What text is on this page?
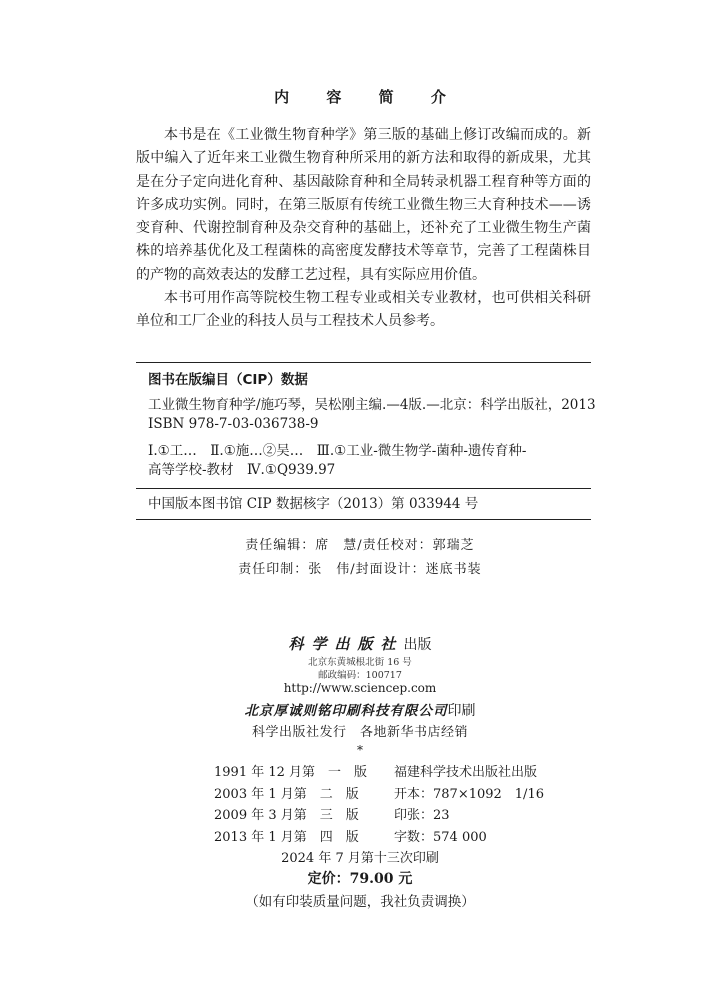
内 容 简 介

本书是在《工业微生物育种学》第三版的基础上修订改编而成的。新版中编入了近年来工业微生物育种所采用的新方法和取得的新成果，尤其是在分子定向进化育种、基因敲除育种和全局转录机器工程育种等方面的许多成功实例。同时，在第三版原有传统工业微生物三大育种技术——诱变育种、代谢控制育种及杂交育种的基础上，还补充了工业微生物生产菌株的培养基优化及工程菌株的高密度发酵技术等章节，完善了工程菌株目的产物的高效表达的发酵工艺过程，具有实际应用价值。

本书可用作高等院校生物工程专业或相关专业教材，也可供相关科研单位和工厂企业的科技人员与工程技术人员参考。

图书在版编目（CIP）数据
工业微生物育种学/施巧琴，吴松刚主编.—4版.—北京：科学出版社，2013
ISBN 978-7-03-036738-9
Ⅰ.①工…　Ⅱ.①施…②吴…　Ⅲ.①工业-微生物学-菌种-遗传育种-
高等学校-教材　Ⅳ.①Q939.97
中国版本图书馆 CIP 数据核字（2013）第 033944 号
责任编辑：席　慧/责任校对：郭瑞芝
责任印制：张　伟/封面设计：迷底书装
科学出版社出版
北京东黄城根北街 16 号
邮政编码：100717
http://www.sciencep.com
北京厚诚则铭印刷科技有限公司印刷
科学出版社发行　各地新华书店经销
*
1991 年 12 月第　一　版	福建科学技术出版社出版
2003 年 1 月第　二　版	开本：787×1092　1/16
2009 年 3 月第　三　版	印张：23
2013 年 1 月第　四　版	字数：574 000
2024 年 7 月第十三次印刷
定价：79.00 元
（如有印装质量问题，我社负责调换）
